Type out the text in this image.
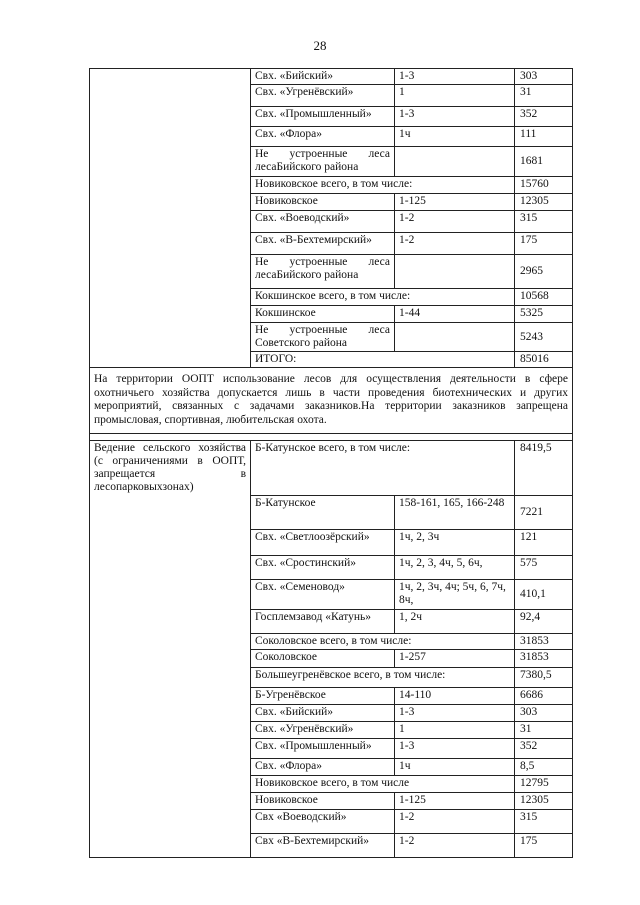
28
	Свх. «Бийский»	1-3	303
	Свх. «Угренёвский»	1	31
	Свх. «Промышленный»	1-3	352
	Свх. «Флора»	1ч	111
	Не устроенные леса лесаБийского района		1681
	Новиковское всего, в том числе:		15760
	Новиковское	1-125	12305
	Свх. «Воеводский»	1-2	315
	Свх. «В-Бехтемирский»	1-2	175
	Не устроенные леса лесаБийского района		2965
	Кокшинское всего, в том числе:		10568
	Кокшинское	1-44	5325
	Не устроенные леса Советского района		5243
	ИТОГО:		85016
На территории ООПТ использование лесов для осуществления деятельности в сфере охотничьего хозяйства допускается лишь в части проведения биотехнических и других мероприятий, связанных с задачами заказников.На территории заказников запрещена промысловая, спортивная, любительская охота.			

Ведение сельского хозяйства (с ограничениями в ООПТ, запрещается в лесопарковыхзонах)	Б-Катунское всего, в том числе:		8419,5
	Б-Катунское	158-161, 165, 166-248	7221
	Свх. «Светлоозёрский»	1ч, 2, 3ч	121
	Свх. «Сростинский»	1ч, 2, 3, 4ч, 5, 6ч,	575
	Свх. «Семеновод»	1ч, 2, 3ч, 4ч; 5ч, 6, 7ч, 8ч,	410,1
	Госплемзавод «Катунь»	1, 2ч	92,4
	Соколовское всего, в том числе:		31853
	Соколовское	1-257	31853
	Большеугренёвское всего, в том числе:		7380,5
	Б-Угренёвское	14-110	6686
	Свх. «Бийский»	1-3	303
	Свх. «Угренёвский»	1	31
	Свх. «Промышленный»	1-3	352
	Свх. «Флора»	1ч	8,5
	Новиковское всего, в том числе		12795
	Новиковское	1-125	12305
	Свх «Воеводский»	1-2	315
	Свх «В-Бехтемирский»	1-2	175
